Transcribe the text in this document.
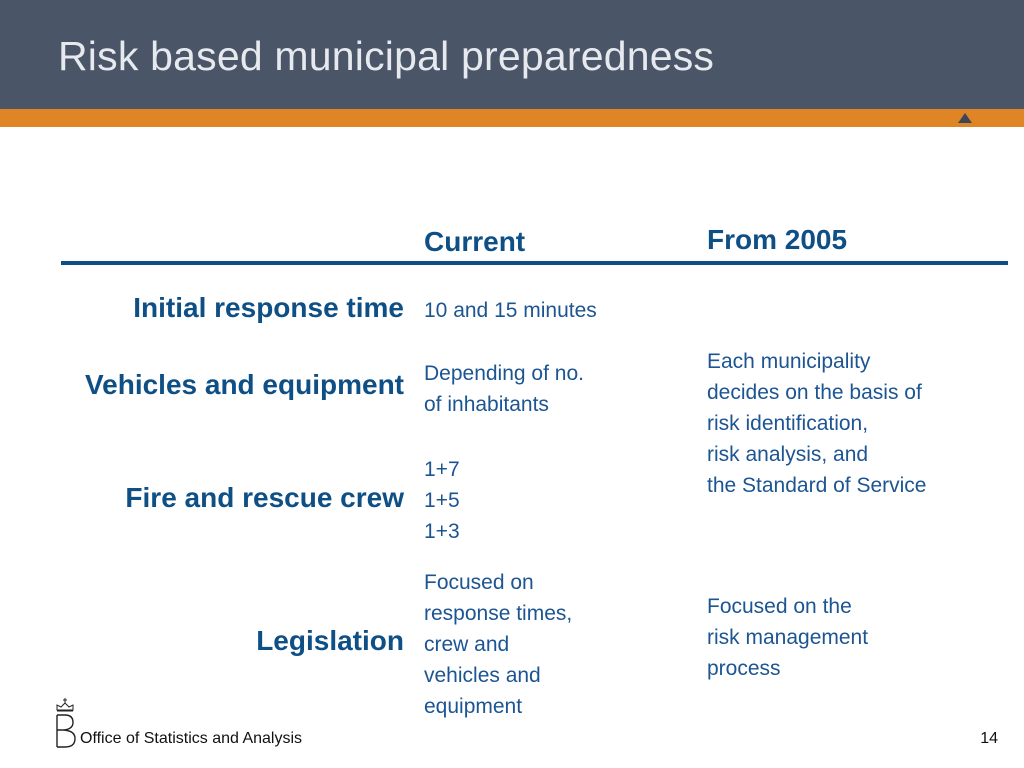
Risk based municipal preparedness
Current	From 2005
Initial response time
Vehicles and equipment
Fire and rescue crew
Legislation
10 and 15 minutes
Depending of no.
of inhabitants
1+7
1+5
1+3
Focused on
response times,
crew and
vehicles and
equipment
Each municipality
decides on the basis of
risk identification,
risk analysis, and
the Standard of Service
Focused on the
risk management
process
Office of Statistics and Analysis	14
